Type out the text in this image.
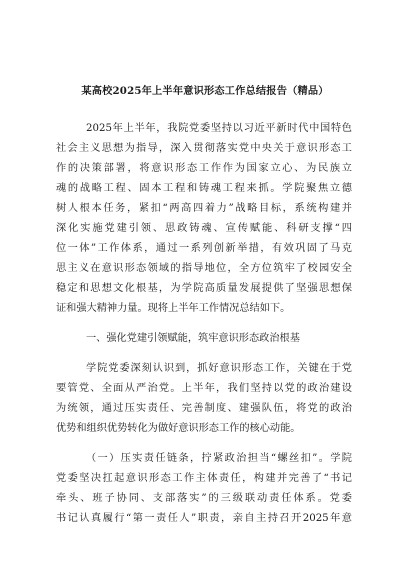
某高校2025年上半年意识形态工作总结报告（精品）
2025年上半年，我院党委坚持以习近平新时代中国特色
社会主义思想为指导，深入贯彻落实党中央关于意识形态工
作的决策部署，将意识形态工作作为国家立心、为民族立
魂的战略工程、固本工程和铸魂工程来抓。学院聚焦立德
树人根本任务，紧扣“两高四着力”战略目标，系统构建并
深化实施党建引领、思政铸魂、宣传赋能、科研支撑“四
位一体”工作体系，通过一系列创新举措，有效巩固了马克
思主义在意识形态领域的指导地位，全方位筑牢了校园安全
稳定和思想文化根基，为学院高质量发展提供了坚强思想保
证和强大精神力量。现将上半年工作情况总结如下。
一、强化党建引领赋能，筑牢意识形态政治根基
学院党委深刻认识到，抓好意识形态工作，关键在于党
要管党、全面从严治党。上半年，我们坚持以党的政治建设
为统领，通过压实责任、完善制度、建强队伍，将党的政治
优势和组织优势转化为做好意识形态工作的核心动能。
（一）压实责任链条，拧紧政治担当“螺丝扣”。学院
党委坚决扛起意识形态工作主体责任，构建并完善了“书记
牵头、班子协同、支部落实”的三级联动责任体系。党委
书记认真履行“第一责任人”职责，亲自主持召开2025年意
